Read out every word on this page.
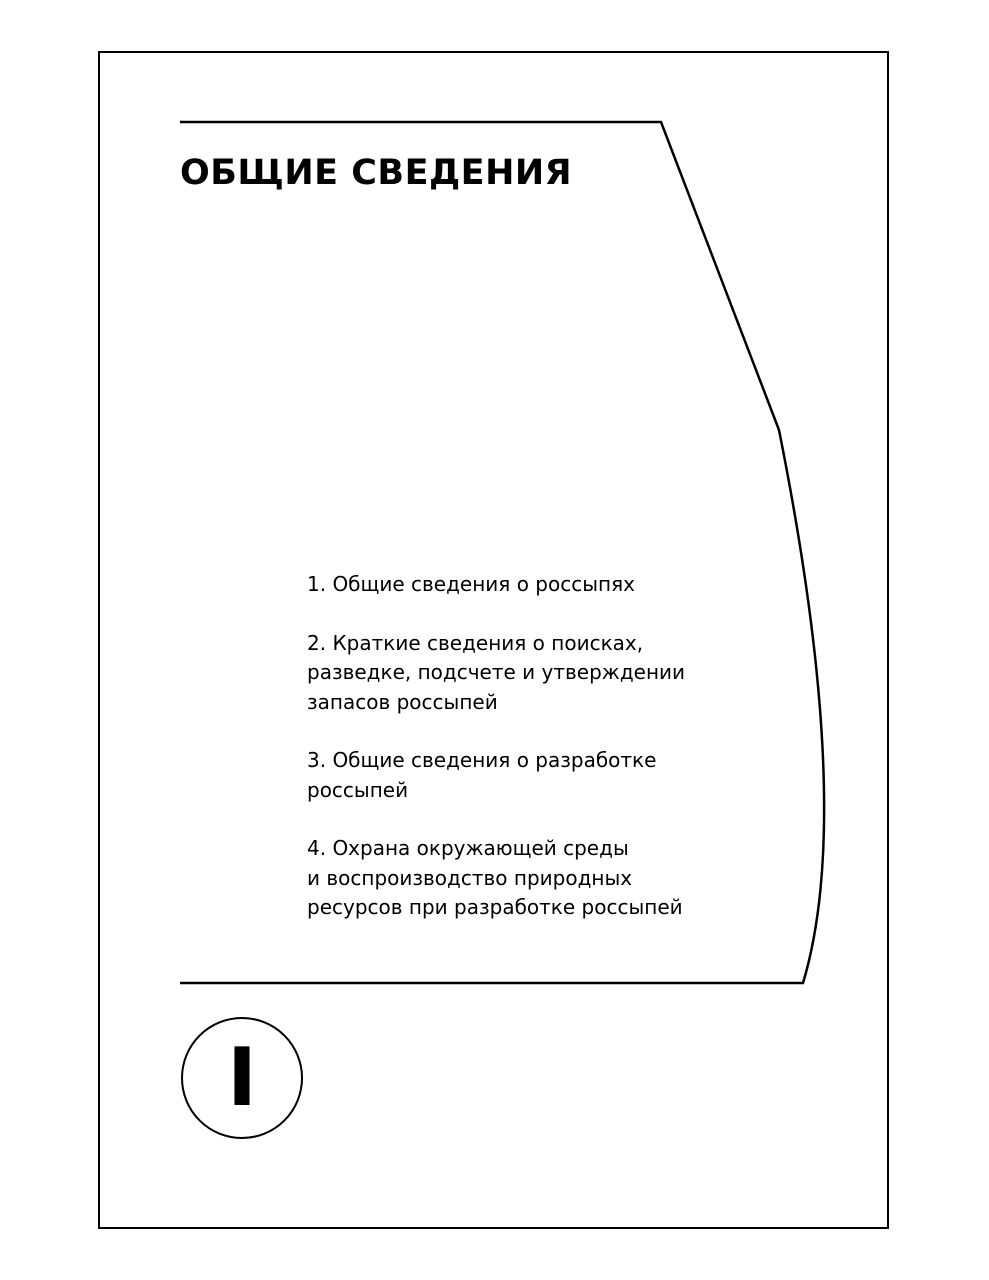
ОБЩИЕ СВЕДЕНИЯ
1. Общие сведения о россыпях
2. Краткие сведения о поисках,
разведке, подсчете и утверждении
запасов россыпей
3. Общие сведения о разработке
россыпей
4. Охрана окружающей среды
и воспроизводство природных
ресурсов при разработке россыпей
I
